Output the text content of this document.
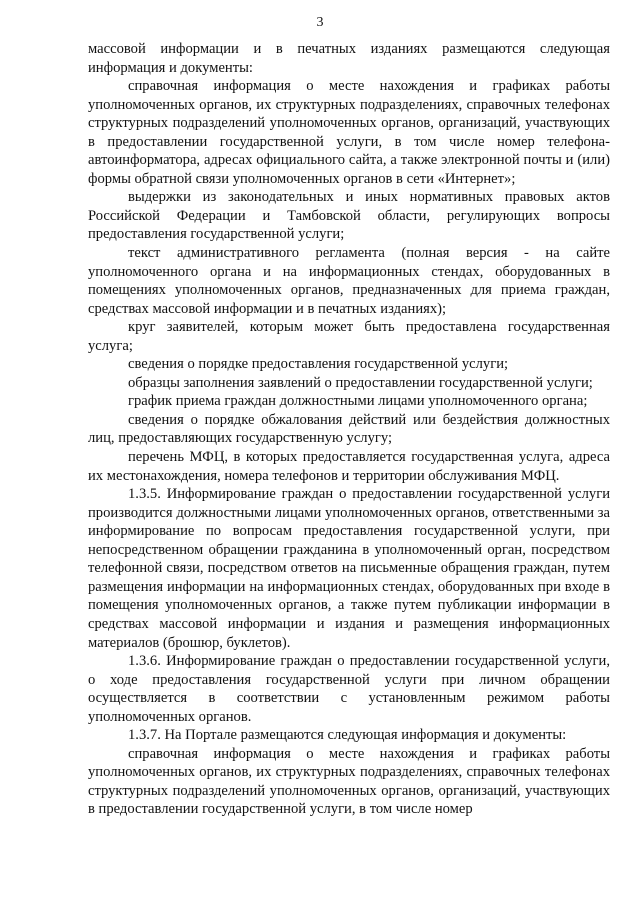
3

массовой информации и в печатных изданиях размещаются следующая информация и документы:

справочная информация о месте нахождения и графиках работы уполномоченных органов, их структурных подразделениях, справочных телефонах структурных подразделений уполномоченных органов, организаций, участвующих в предоставлении государственной услуги, в том числе номер телефона-автоинформатора, адресах официального сайта, а также электронной почты и (или) формы обратной связи уполномоченных органов в сети «Интернет»;

выдержки из законодательных и иных нормативных правовых актов Российской Федерации и Тамбовской области, регулирующих вопросы предоставления государственной услуги;

текст административного регламента (полная версия - на сайте уполномоченного органа и на информационных стендах, оборудованных в помещениях уполномоченных органов, предназначенных для приема граждан, средствах массовой информации и в печатных изданиях);

круг заявителей, которым может быть предоставлена государственная услуга;

сведения о порядке предоставления государственной услуги;

образцы заполнения заявлений о предоставлении государственной услуги;

график приема граждан должностными лицами уполномоченного органа;

сведения о порядке обжалования действий или бездействия должностных лиц, предоставляющих государственную услугу;

перечень МФЦ, в которых предоставляется государственная услуга, адреса их местонахождения, номера телефонов и территории обслуживания МФЦ.

1.3.5. Информирование граждан о предоставлении государственной услуги производится должностными лицами уполномоченных органов, ответственными за информирование по вопросам предоставления государственной услуги, при непосредственном обращении гражданина в уполномоченный орган, посредством телефонной связи, посредством ответов на письменные обращения граждан, путем размещения информации на информационных стендах, оборудованных при входе в помещения уполномоченных органов, а также путем публикации информации в средствах массовой информации и издания и размещения информационных материалов (брошюр, буклетов).

1.3.6. Информирование граждан о предоставлении государственной услуги, о ходе предоставления государственной услуги при личном обращении осуществляется в соответствии с установленным режимом работы уполномоченных органов.

1.3.7. На Портале размещаются следующая информация и документы:

справочная информация о месте нахождения и графиках работы уполномоченных органов, их структурных подразделениях, справочных телефонах структурных подразделений уполномоченных органов, организаций, участвующих в предоставлении государственной услуги, в том числе номер
